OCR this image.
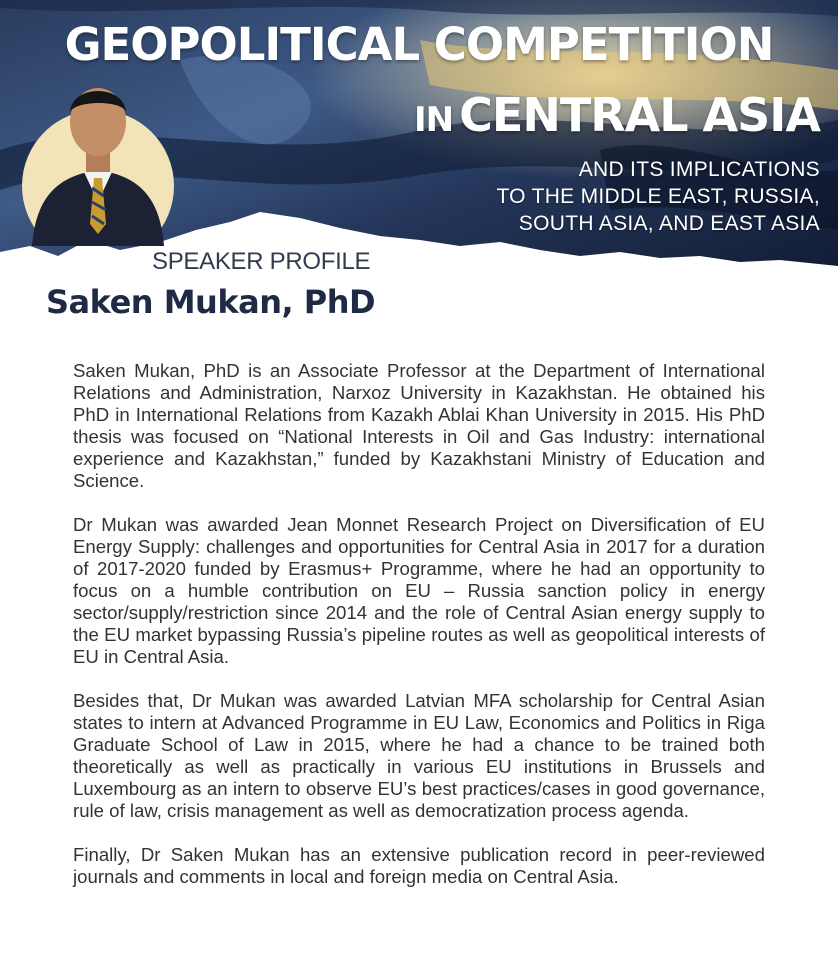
GEOPOLITICAL COMPETITION
IN CENTRAL ASIA
AND ITS IMPLICATIONS
TO THE MIDDLE EAST, RUSSIA,
SOUTH ASIA, AND EAST ASIA
SPEAKER PROFILE
Saken Mukan, PhD

Saken Mukan, PhD is an Associate Professor at the Department of International Relations and Administration, Narxoz University in Kazakhstan. He obtained his PhD in International Relations from Kazakh Ablai Khan University in 2015. His PhD thesis was focused on “National Interests in Oil and Gas Industry: international experience and Kazakhstan,” funded by Kazakhstani Ministry of Education and Science.

Dr Mukan was awarded Jean Monnet Research Project on Diversification of EU Energy Supply: challenges and opportunities for Central Asia in 2017 for a duration of 2017-2020 funded by Erasmus+ Programme, where he had an opportunity to focus on a humble contribution on EU – Russia sanction policy in energy sector/supply/restriction since 2014 and the role of Central Asian energy supply to the EU market bypassing Russia’s pipeline routes as well as geopolitical interests of EU in Central Asia.

Besides that, Dr Mukan was awarded Latvian MFA scholarship for Central Asian states to intern at Advanced Programme in EU Law, Economics and Politics in Riga Graduate School of Law in 2015, where he had a chance to be trained both theoretically as well as practically in various EU institutions in Brussels and Luxembourg as an intern to observe EU’s best practices/cases in good governance, rule of law, crisis management as well as democratization process agenda.

Finally, Dr Saken Mukan has an extensive publication record in peer-reviewed journals and comments in local and foreign media on Central Asia.
